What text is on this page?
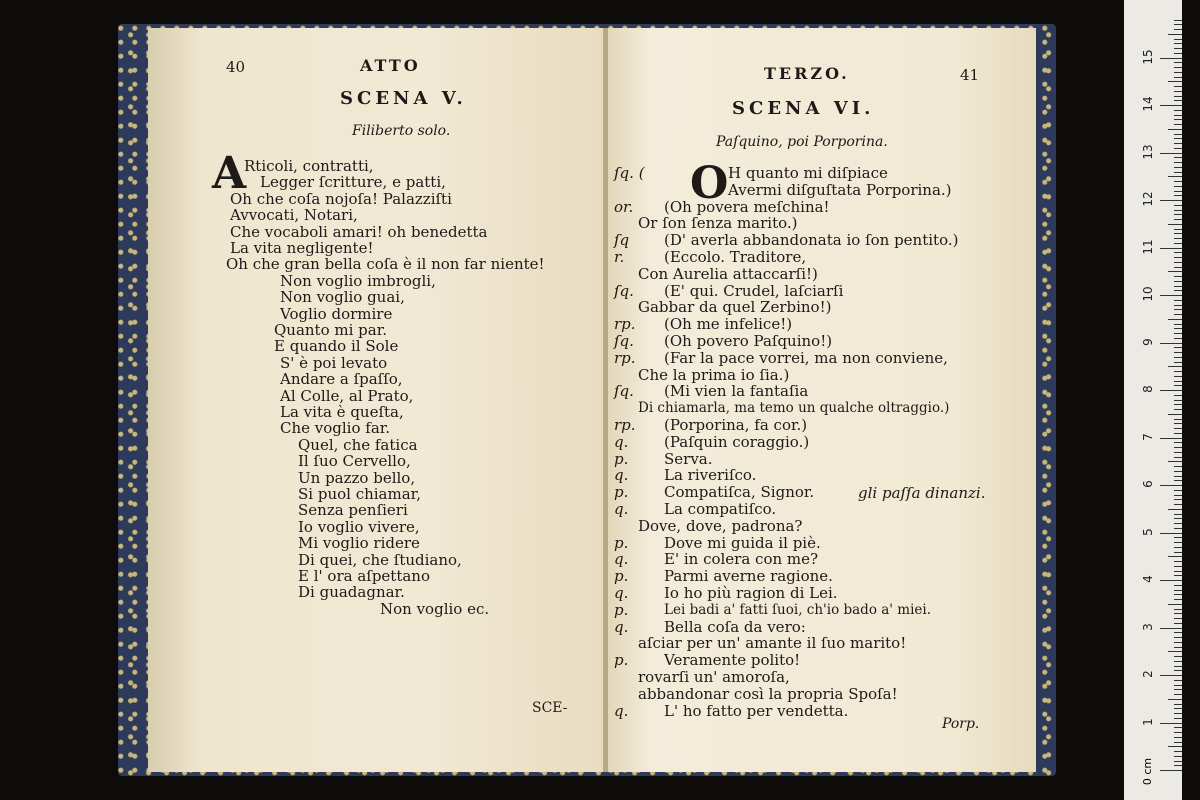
40	ATTO
SCENA V.
Filiberto solo.
A
Rticoli, contratti,
Legger ſcritture, e patti,
Oh che coſa nojoſa! Palazziſti
Avvocati, Notari,
Che vocaboli amari! oh benedetta
La vita negligente!
Oh che gran bella coſa è il non far niente!
Non voglio imbrogli,
Non voglio guai,
Voglio dormire
Quanto mi par.
E quando il Sole
S' è poi levato
Andare a ſpaſſo,
Al Colle, al Prato,
La vita è queſta,
Che voglio far.
Quel, che fatica
Il ſuo Cervello,
Un pazzo bello,
Si puol chiamar,
Senza penſieri
Io voglio vivere,
Mi voglio ridere
Di quei, che ſtudiano,
E l' ora aſpettano
Di guadagnar.
Non voglio ec.
SCE-
TERZO.	41
SCENA VI.
Paſquino, poi Porporina.
O
ſq. (	H quanto mi diſpiace
Avermi diſguſtata Porporina.)
or. (Oh povera meſchina!
Or ſon ſenza marito.)
ſq (D' averla abbandonata io ſon pentito.)
r.	(Eccolo. Traditore,
Con Aurelia attaccarſi!)
ſq. (E' qui. Crudel, laſciarſi
Gabbar da quel Zerbino!)
rp. (Oh me infelice!)
ſq. (Oh povero Paſquino!)
rp. (Far la pace vorrei, ma non conviene,
Che la prima io ſia.)
ſq. (Mi vien la fantaſia
Di chiamarla, ma temo un qualche oltraggio.)
rp. (Porporina, fa cor.)
q. (Paſquin coraggio.)
p. Serva.
q. La riveriſco.
p. Compatiſca, Signor.
q. La compatiſco.
Dove, dove, padrona?
p. Dove mi guida il piè.
q. E' in colera con me?
p. Parmi averne ragione.
q. Io ho più ragion di Lei.
p.	Lei badi a' fatti ſuoi, ch'io bado a' miei.
q. Bella coſa da vero:
aſciar per un' amante il ſuo marito!
p. Veramente polito!
rovarſi un' amoroſa,
abbandonar così la propria Spoſa!
q. L' ho fatto per vendetta.
gli paſſa dinanzi.
Porp.
0 cm
1
2
3
4
5
6
7
8
9
10
11
12
13
14
15
